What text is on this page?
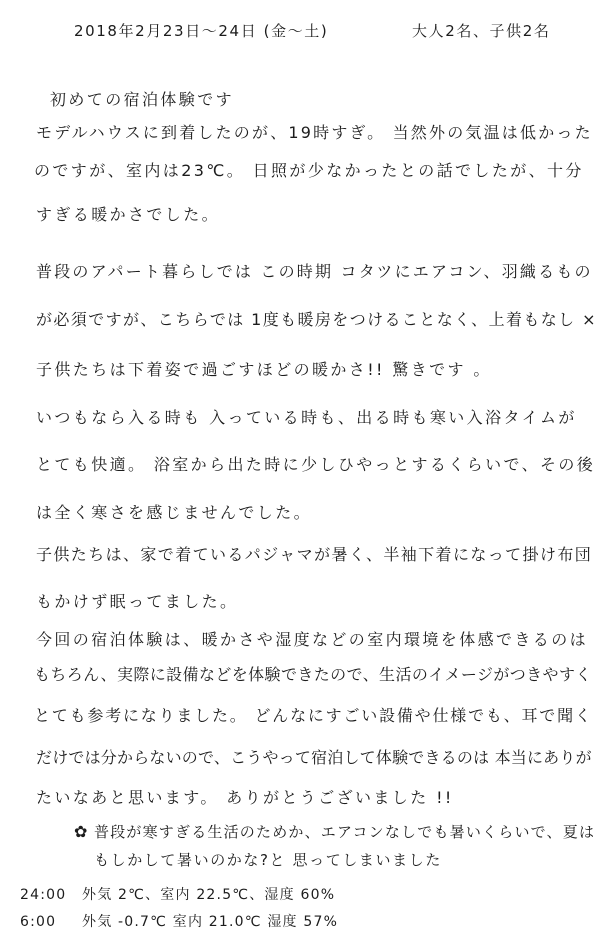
2018年2月23日〜24日 (金〜土)	大人2名、子供2名
初めての宿泊体験です
モデルハウスに到着したのが、19時すぎ。 当然外の気温は低かった
のですが、室内は23℃。 日照が少なかったとの話でしたが、十分
すぎる暖かさでした。
普段のアパート暮らしでは この時期 コタツにエアコン、羽織るもの
が必須ですが、こちらでは 1度も暖房をつけることなく、上着もなし ×
子供たちは下着姿で過ごすほどの暖かさ!! 驚きです 。
いつもなら入る時も 入っている時も、出る時も寒い入浴タイムが
とても快適。 浴室から出た時に少しひやっとするくらいで、その後
は全く寒さを感じませんでした。
子供たちは、家で着ているパジャマが暑く、半袖下着になって掛け布団
もかけず眠ってました。
今回の宿泊体験は、暖かさや湿度などの室内環境を体感できるのは
もちろん、実際に設備などを体験できたので、生活のイメージがつきやすく
とても参考になりました。 どんなにすごい設備や仕様でも、耳で聞く
だけでは分からないので、こうやって宿泊して体験できるのは 本当にありが
たいなあと思います。 ありがとうございました !!
✿ 普段が寒すぎる生活のためか、エアコンなしでも暑いくらいで、夏は
もしかして暑いのかな?と 思ってしまいました
24:00 外気 2℃、室内 22.5℃、湿度 60%
6:00 外気 -0.7℃ 室内 21.0℃ 湿度 57%
